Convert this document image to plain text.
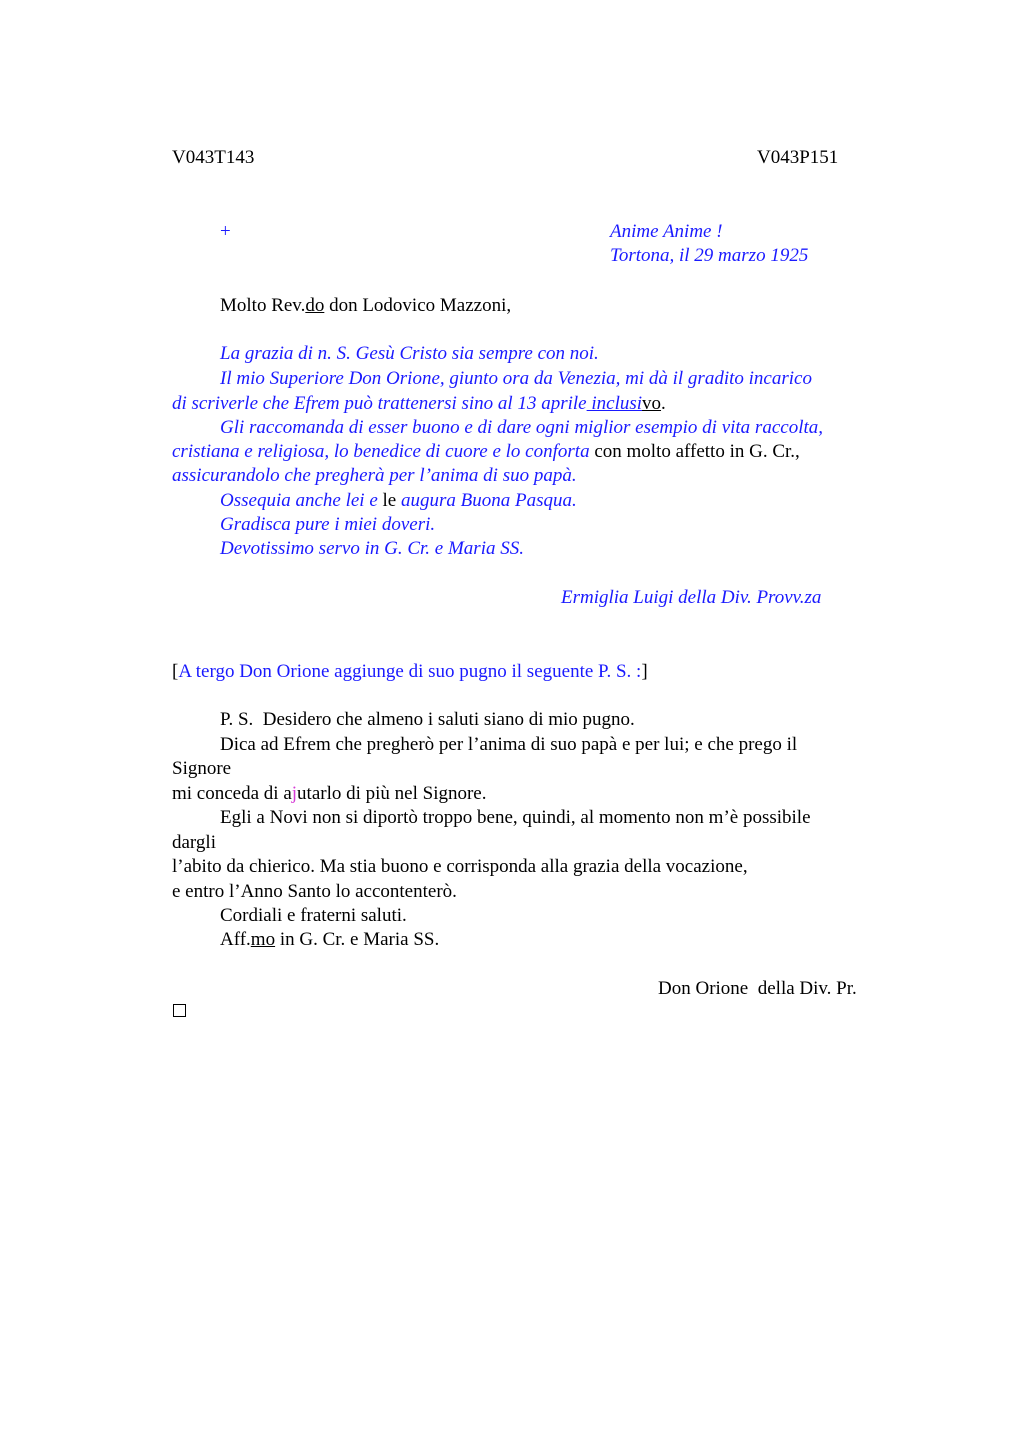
V043T143	V043P151
+	Anime Anime !
Tortona, il 29 marzo 1925
Molto Rev.do don Lodovico Mazzoni,
La grazia di n. S. Gesù Cristo sia sempre con noi.
Il mio Superiore Don Orione, giunto ora da Venezia, mi dà il gradito incarico
di scriverle che Efrem può trattenersi sino al 13 aprile inclusivo.
Gli raccomanda di esser buono e di dare ogni miglior esempio di vita raccolta,
cristiana e religiosa, lo benedice di cuore e lo conforta con molto affetto in G. Cr.,
assicurandolo che pregherà per l’anima di suo papà.
Ossequia anche lei e le augura Buona Pasqua.
Gradisca pure i miei doveri.
Devotissimo servo in G. Cr. e Maria SS.
Ermiglia Luigi della Div. Provv.za
[A tergo Don Orione aggiunge di suo pugno il seguente P. S. :]
P. S.  Desidero che almeno i saluti siano di mio pugno.
Dica ad Efrem che pregherò per l’anima di suo papà e per lui; e che prego il
Signore
mi conceda di ajutarlo di più nel Signore.
Egli a Novi non si diportò troppo bene, quindi, al momento non m’è possibile
dargli
l’abito da chierico. Ma stia buono e corrisponda alla grazia della vocazione,
e entro l’Anno Santo lo accontenterò.
Cordiali e fraterni saluti.
Aff.mo in G. Cr. e Maria SS.
Don Orione  della Div. Pr.
